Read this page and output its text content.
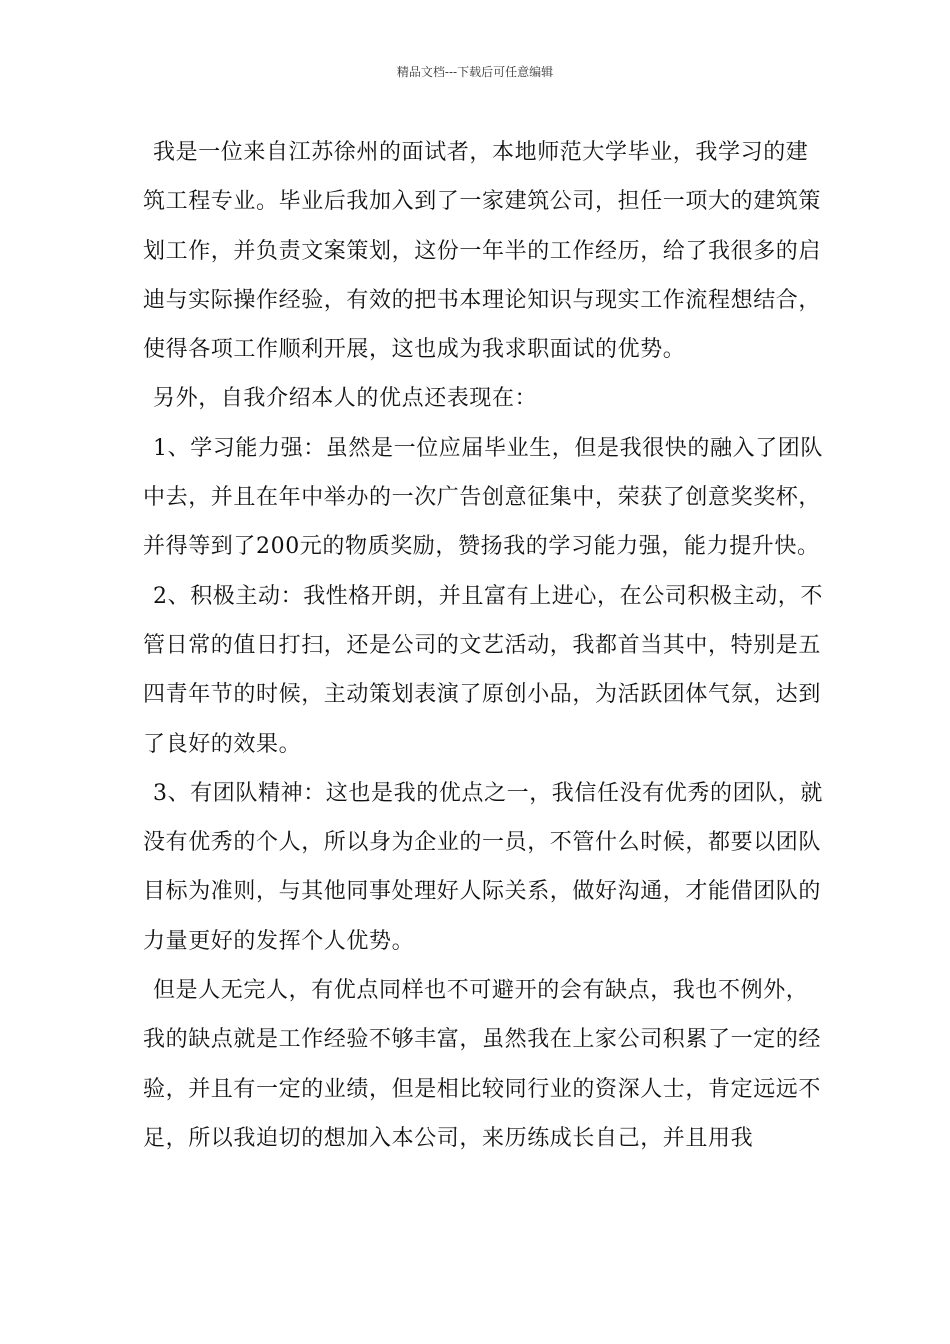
精品文档---下载后可任意编辑

我是一位来自江苏徐州的面试者，本地师范大学毕业，我学习的建筑工程专业。毕业后我加入到了一家建筑公司，担任一项大的建筑策划工作，并负责文案策划，这份一年半的工作经历，给了我很多的启迪与实际操作经验，有效的把书本理论知识与现实工作流程想结合，使得各项工作顺利开展，这也成为我求职面试的优势。

另外，自我介绍本人的优点还表现在：

1、学习能力强：虽然是一位应届毕业生，但是我很快的融入了团队中去，并且在年中举办的一次广告创意征集中，荣获了创意奖奖杯，并得等到了200元的物质奖励，赞扬我的学习能力强，能力提升快。

2、积极主动：我性格开朗，并且富有上进心，在公司积极主动，不管日常的值日打扫，还是公司的文艺活动，我都首当其中，特别是五四青年节的时候，主动策划表演了原创小品，为活跃团体气氛，达到了良好的效果。

3、有团队精神：这也是我的优点之一，我信任没有优秀的团队，就没有优秀的个人，所以身为企业的一员，不管什么时候，都要以团队目标为准则，与其他同事处理好人际关系，做好沟通，才能借团队的力量更好的发挥个人优势。

但是人无完人，有优点同样也不可避开的会有缺点，我也不例外，我的缺点就是工作经验不够丰富，虽然我在上家公司积累了一定的经验，并且有一定的业绩，但是相比较同行业的资深人士，肯定远远不足，所以我迫切的想加入本公司，来历练成长自己，并且用我
